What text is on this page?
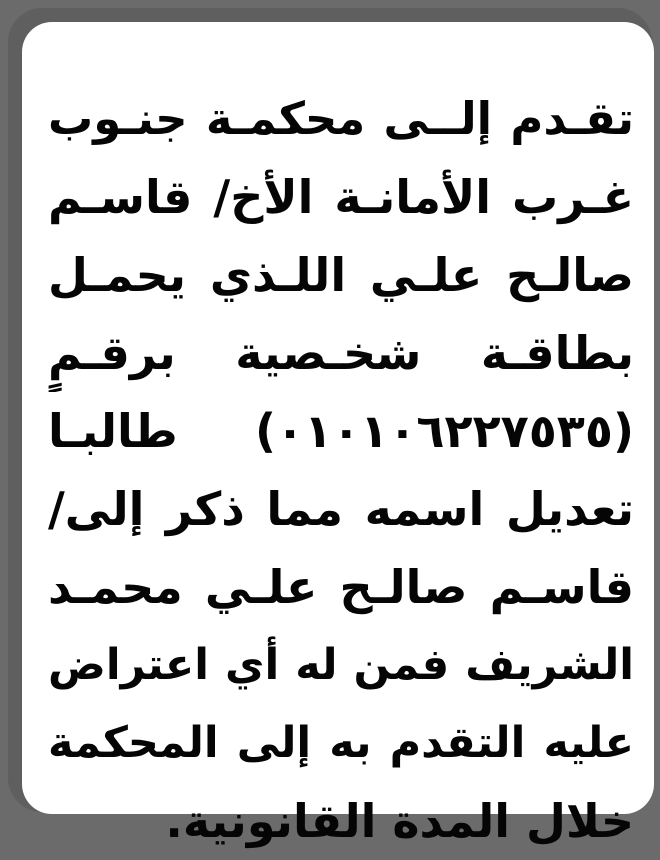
تقـدم إلــى محكمـة جنـوب
غـرب الأمانـة الأخ/ قاسـم
صالـح علـي اللـذي يحمـل
بطاقـة شخـصية برقـمٍ
(٠١٠١٠٦٢٢٧٥٣٥) طالبـا
تعديل اسمه مما ذكر إلى/
قاسـم صالـح علـي محمـد
الشريف فمن له أي اعتراض
عليه التقدم به إلى المحكمة
خلال المدة القانونية.
